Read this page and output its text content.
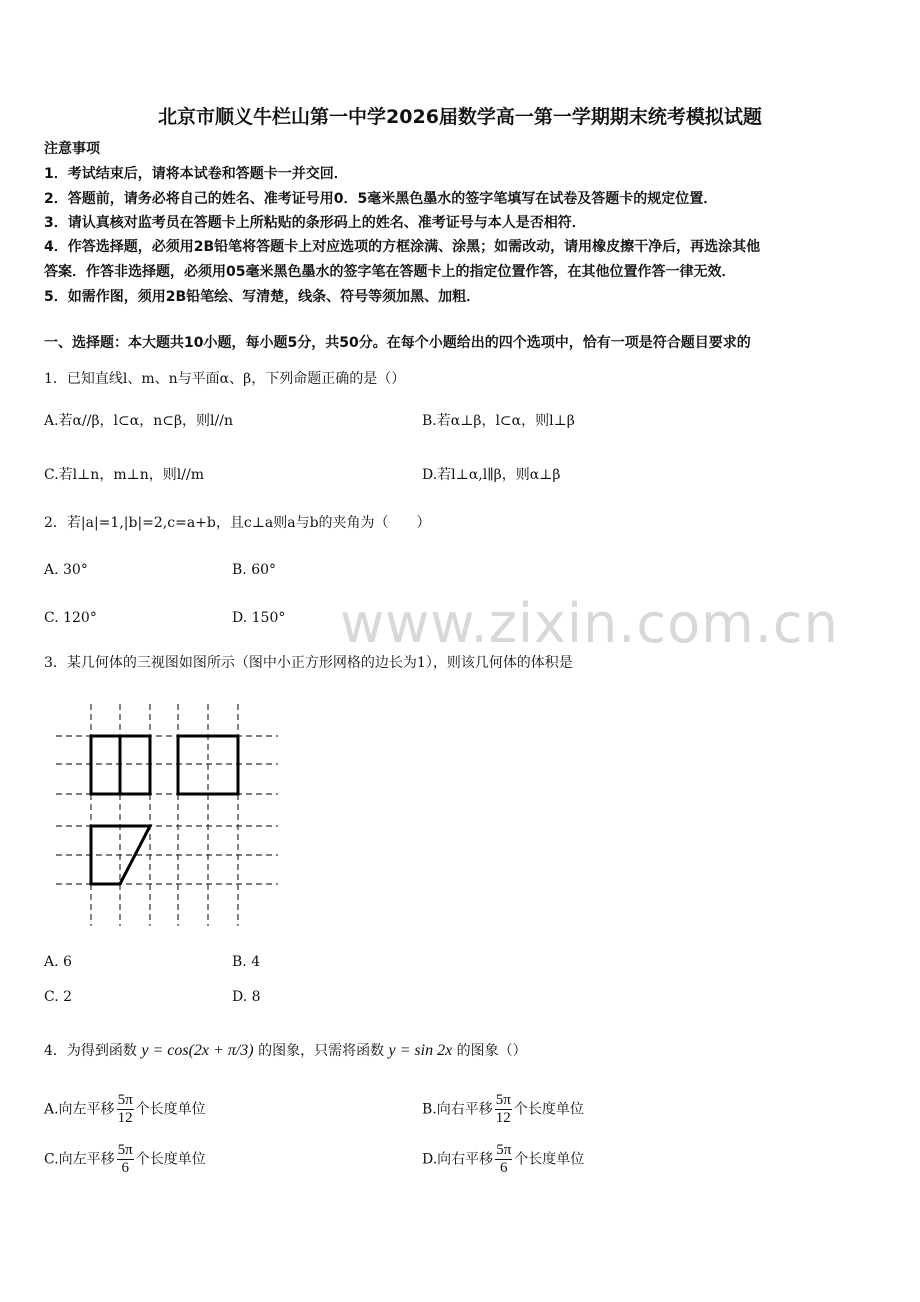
北京市顺义牛栏山第一中学2026届数学高一第一学期期末统考模拟试题
注意事项
1．考试结束后，请将本试卷和答题卡一并交回．
2．答题前，请务必将自己的姓名、准考证号用0．5毫米黑色墨水的签字笔填写在试卷及答题卡的规定位置．
3．请认真核对监考员在答题卡上所粘贴的条形码上的姓名、准考证号与本人是否相符．
4．作答选择题，必须用2B铅笔将答题卡上对应选项的方框涂满、涂黑；如需改动，请用橡皮擦干净后，再选涂其他
答案．作答非选择题，必须用05毫米黑色墨水的签字笔在答题卡上的指定位置作答，在其他位置作答一律无效．
5．如需作图，须用2B铅笔绘、写清楚，线条、符号等须加黑、加粗．
一、选择题：本大题共10小题，每小题5分，共50分。在每个小题给出的四个选项中，恰有一项是符合题目要求的
1．已知直线l、m、n与平面α、β，下列命题正确的是（）
A.若α//β，l⊂α，n⊂β，则l//n	B.若α⊥β，l⊂α，则l⊥β
C.若l⊥n，m⊥n，则l//m	D.若l⊥α,l∥β，则α⊥β
2．若|a|=1,|b|=2,c=a+b，且c⊥a则a与b的夹角为（　　）
A. 30°	B. 60°
C. 120°	D. 150° www.zixin.com.cn
3．某几何体的三视图如图所示（图中小正方形网格的边长为1），则该几何体的体积是
A. 6	B. 4
C. 2	D. 8
4．为得到函数 y = cos(2x + π/3) 的图象，只需将函数 y = sin 2x 的图象（）
A.向左平移 $\frac{5\pi}{12}$ 个长度单位	B.向右平移 $\frac{5\pi}{12}$ 个长度单位
C.向左平移 $\frac{5\pi}{6}$ 个长度单位	D.向右平移 $\frac{5\pi}{6}$ 个长度单位
